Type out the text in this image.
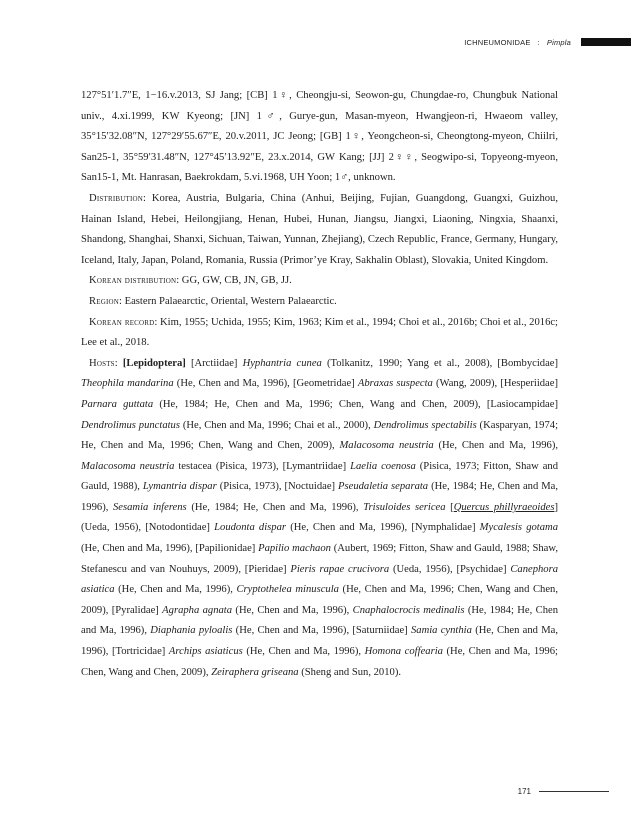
ICHNEUMONIDAE : Pimpla

127°51′1.7″E, 1−16.v.2013, SJ Jang; [CB] 1♀, Cheongju-si, Seowon-gu, Chungdae-ro, Chungbuk National univ., 4.xi.1999, KW Kyeong; [JN] 1♂, Gurye-gun, Masan-myeon, Hwangjeon-ri, Hwaeom valley, 35°15′32.08″N, 127°29′55.67″E, 20.v.2011, JC Jeong; [GB] 1♀, Yeongcheon-si, Cheongtong-myeon, Chiilri, San25-1, 35°59′31.48″N, 127°45′13.92″E, 23.x.2014, GW Kang; [JJ] 2♀♀, Seogwipo-si, Topyeong-myeon, San15-1, Mt. Hanrasan, Baekrokdam, 5.vi.1968, UH Yoon; 1♂, unknown.

Distribution: Korea, Austria, Bulgaria, China (Anhui, Beijing, Fujian, Guangdong, Guangxi, Guizhou, Hainan Island, Hebei, Heilongjiang, Henan, Hubei, Hunan, Jiangsu, Jiangxi, Liaoning, Ningxia, Shaanxi, Shandong, Shanghai, Shanxi, Sichuan, Taiwan, Yunnan, Zhejiang), Czech Republic, France, Germany, Hungary, Iceland, Italy, Japan, Poland, Romania, Russia (Primor’ye Kray, Sakhalin Oblast), Slovakia, United Kingdom.

Korean distribution: GG, GW, CB, JN, GB, JJ.

Region: Eastern Palaearctic, Oriental, Western Palaearctic.

Korean record: Kim, 1955; Uchida, 1955; Kim, 1963; Kim et al., 1994; Choi et al., 2016b; Choi et al., 2016c; Lee et al., 2018.

Hosts: [Lepidoptera] [Arctiidae] Hyphantria cunea (Tolkanitz, 1990; Yang et al., 2008), [Bombycidae] Theophila mandarina (He, Chen and Ma, 1996), [Geometridae] Abraxas suspecta (Wang, 2009), [Hesperiidae] Parnara guttata (He, 1984; He, Chen and Ma, 1996; Chen, Wang and Chen, 2009), [Lasiocampidae] Dendrolimus punctatus (He, Chen and Ma, 1996; Chai et al., 2000), Dendrolimus spectabilis (Kasparyan, 1974; He, Chen and Ma, 1996; Chen, Wang and Chen, 2009), Malacosoma neustria (He, Chen and Ma, 1996), Malacosoma neustria testacea (Pisica, 1973), [Lymantriidae] Laelia coenosa (Pisica, 1973; Fitton, Shaw and Gauld, 1988), Lymantria dispar (Pisica, 1973), [Noctuidae] Pseudaletia separata (He, 1984; He, Chen and Ma, 1996), Sesamia inferens (He, 1984; He, Chen and Ma, 1996), Trisuloides sericea [Quercus phillyraeoides] (Ueda, 1956), [Notodontidae] Loudonta dispar (He, Chen and Ma, 1996), [Nymphalidae] Mycalesis gotama (He, Chen and Ma, 1996), [Papilionidae] Papilio machaon (Aubert, 1969; Fitton, Shaw and Gauld, 1988; Shaw, Stefanescu and van Nouhuys, 2009), [Pieridae] Pieris rapae crucivora (Ueda, 1956), [Psychidae] Canephora asiatica (He, Chen and Ma, 1996), Cryptothelea minuscula (He, Chen and Ma, 1996; Chen, Wang and Chen, 2009), [Pyralidae] Agrapha agnata (He, Chen and Ma, 1996), Cnaphalocrocis medinalis (He, 1984; He, Chen and Ma, 1996), Diaphania pyloalis (He, Chen and Ma, 1996), [Saturniidae] Samia cynthia (He, Chen and Ma, 1996), [Tortricidae] Archips asiaticus (He, Chen and Ma, 1996), Homona coffearia (He, Chen and Ma, 1996; Chen, Wang and Chen, 2009), Zeiraphera griseana (Sheng and Sun, 2010).

171
